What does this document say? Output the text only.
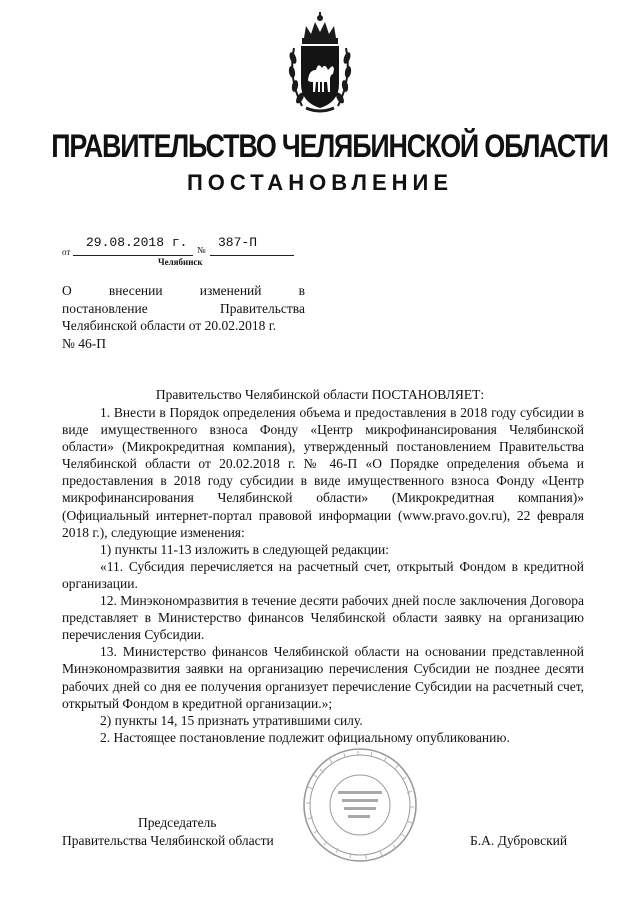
ПРАВИТЕЛЬСТВО ЧЕЛЯБИНСКОЙ ОБЛАСТИ
ПОСТАНОВЛЕНИЕ
от
29.08.2018 г. № 387-П
Челябинск
О внесении изменений в
постановление Правительства
Челябинской области от 20.02.2018 г.
№ 46-П
Правительство Челябинской области ПОСТАНОВЛЯЕТ:

1. Внести в Порядок определения объема и предоставления в 2018 году субсидии в виде имущественного взноса Фонду «Центр микрофинансирования Челябинской области» (Микрокредитная компания), утвержденный постановлением Правительства Челябинской области от 20.02.2018 г. № 46-П «О Порядке определения объема и предоставления в 2018 году субсидии в виде имущественного взноса Фонду «Центр микрофинансирования Челябинской области» (Микрокредитная компания)» (Официальный интернет-портал правовой информации (www.pravo.gov.ru), 22 февраля 2018 г.), следующие изменения:

1) пункты 11-13 изложить в следующей редакции:

«11. Субсидия перечисляется на расчетный счет, открытый Фондом в кредитной организации.

12. Минэкономразвития в течение десяти рабочих дней после заключения Договора представляет в Министерство финансов Челябинской области заявку на организацию перечисления Субсидии.

13. Министерство финансов Челябинской области на основании представленной Минэкономразвития заявки на организацию перечисления Субсидии не позднее десяти рабочих дней со дня ее получения организует перечисление Субсидии на расчетный счет, открытый Фондом в кредитной организации.»;

2) пункты 14, 15 признать утратившими силу.

2. Настоящее постановление подлежит официальному опубликованию.

Председатель
Правительства Челябинской области	Б.А. Дубровский
